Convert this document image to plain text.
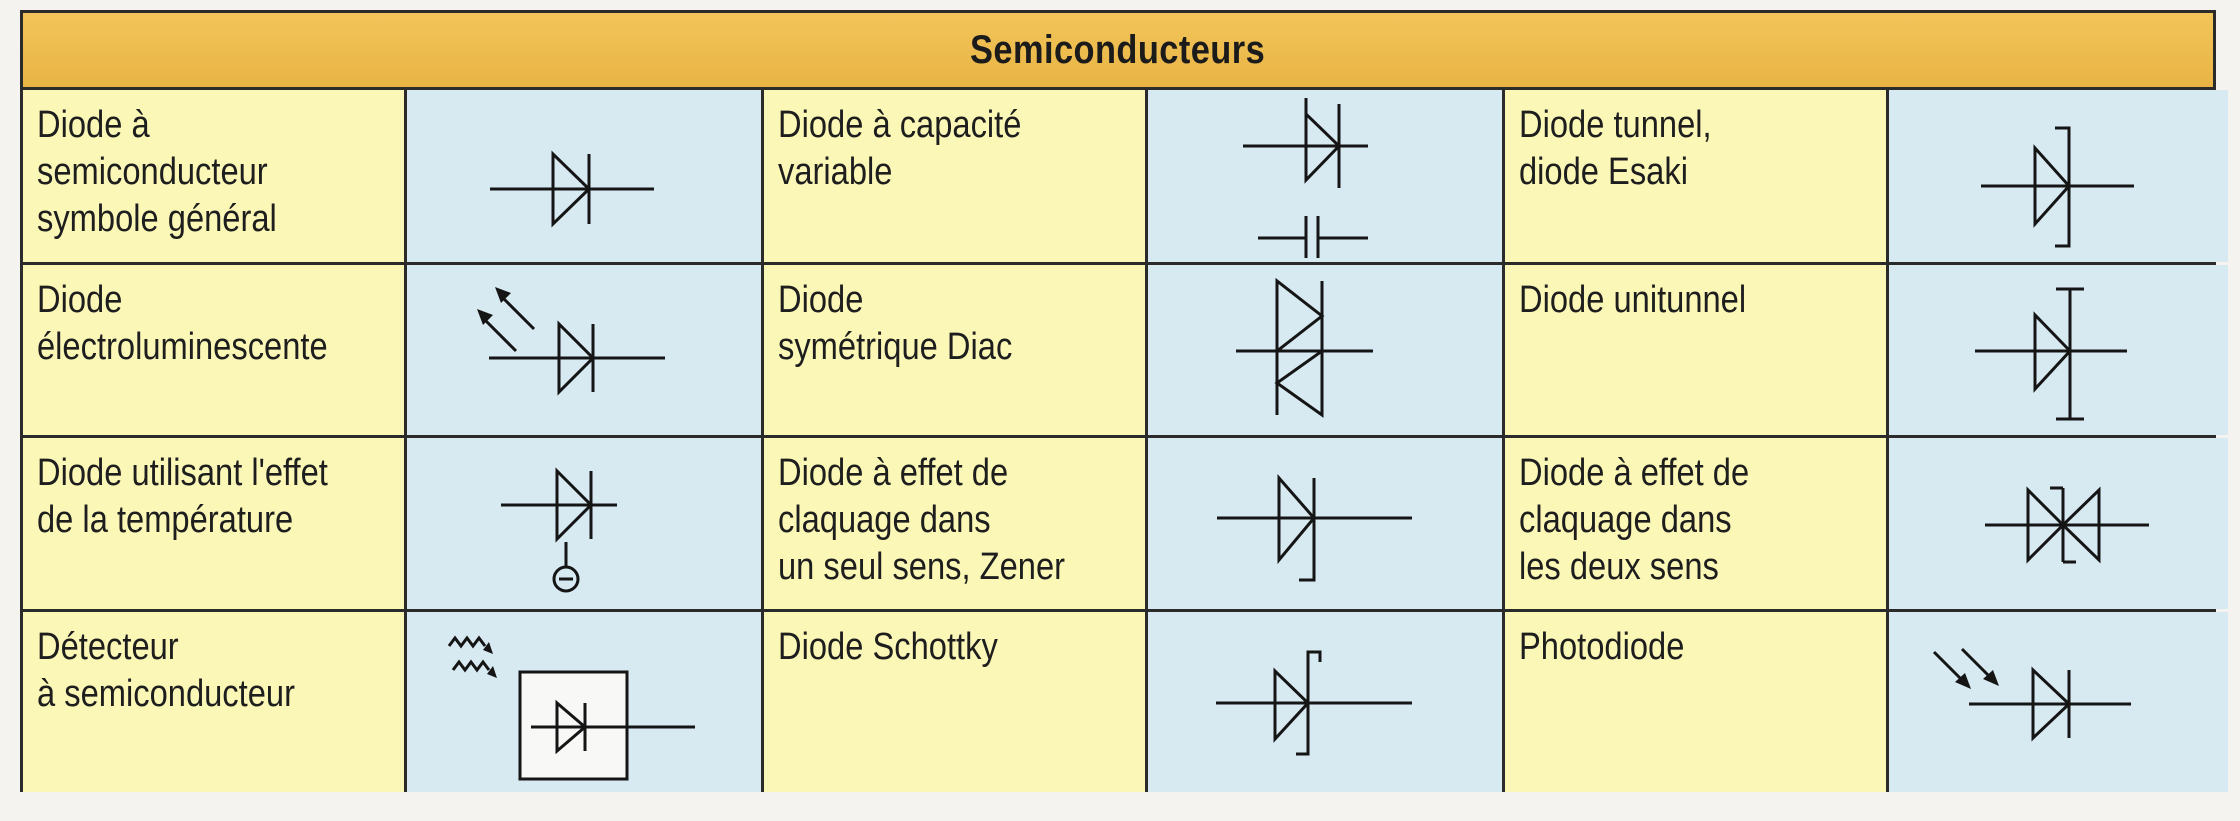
Semiconducteurs
Diode à
semiconducteur
symbole général
Diode à capacité
variable
Diode tunnel,
diode Esaki
Diode
électroluminescente
Diode
symétrique Diac
Diode unitunnel
Diode utilisant l'effet
de la température
Diode à effet de
claquage dans
un seul sens, Zener
Diode à effet de
claquage dans
les deux sens
Détecteur
à semiconducteur
Diode Schottky	Photodiode
